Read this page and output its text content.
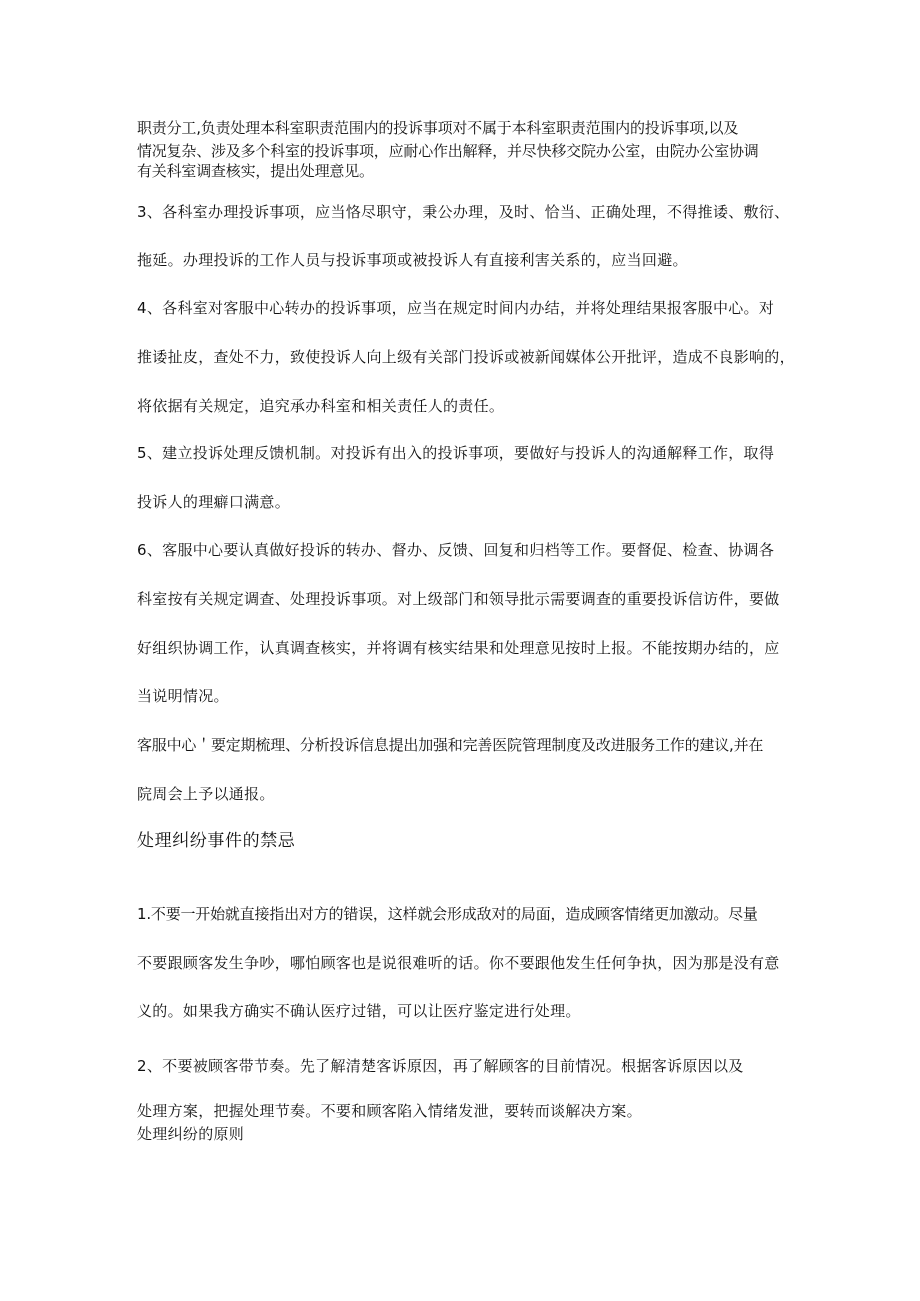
职责分工,负责处理本科室职责范围内的投诉事项对不属于本科室职责范围内的投诉事项,以及
情况复杂、涉及多个科室的投诉事项，应耐心作出解释，并尽快移交院办公室，由院办公室协调
有关科室调查核实，提出处理意见。
3、各科室办理投诉事项，应当恪尽职守，秉公办理，及时、恰当、正确处理，不得推诿、敷衍、
拖延。办理投诉的工作人员与投诉事项或被投诉人有直接利害关系的，应当回避。
4、各科室对客服中心转办的投诉事项，应当在规定时间内办结，并将处理结果报客服中心。对
推诿扯皮，查处不力，致使投诉人向上级有关部门投诉或被新闻媒体公开批评，造成不良影响的，
将依据有关规定，追究承办科室和相关责任人的责任。
5、建立投诉处理反馈机制。对投诉有出入的投诉事项，要做好与投诉人的沟通解释工作，取得
投诉人的理癖口满意。
6、客服中心要认真做好投诉的转办、督办、反馈、回复和归档等工作。要督促、检查、协调各
科室按有关规定调查、处理投诉事项。对上级部门和领导批示需要调查的重要投诉信访件，要做
好组织协调工作，认真调查核实，并将调有核实结果和处理意见按时上报。不能按期办结的，应
当说明情况。
客服中心＇要定期梳理、分析投诉信息提出加强和完善医院管理制度及改进服务工作的建议,并在
院周会上予以通报。
处理纠纷事件的禁忌
1.不要一开始就直接指出对方的错误，这样就会形成敌对的局面，造成顾客情绪更加激动。尽量
不要跟顾客发生争吵，哪怕顾客也是说很难听的话。你不要跟他发生任何争执，因为那是没有意
义的。如果我方确实不确认医疗过错，可以让医疗鉴定进行处理。
2、不要被顾客带节奏。先了解清楚客诉原因，再了解顾客的目前情况。根据客诉原因以及
处理方案，把握处理节奏。不要和顾客陷入情绪发泄，要转而谈解决方案。
处理纠纷的原则
